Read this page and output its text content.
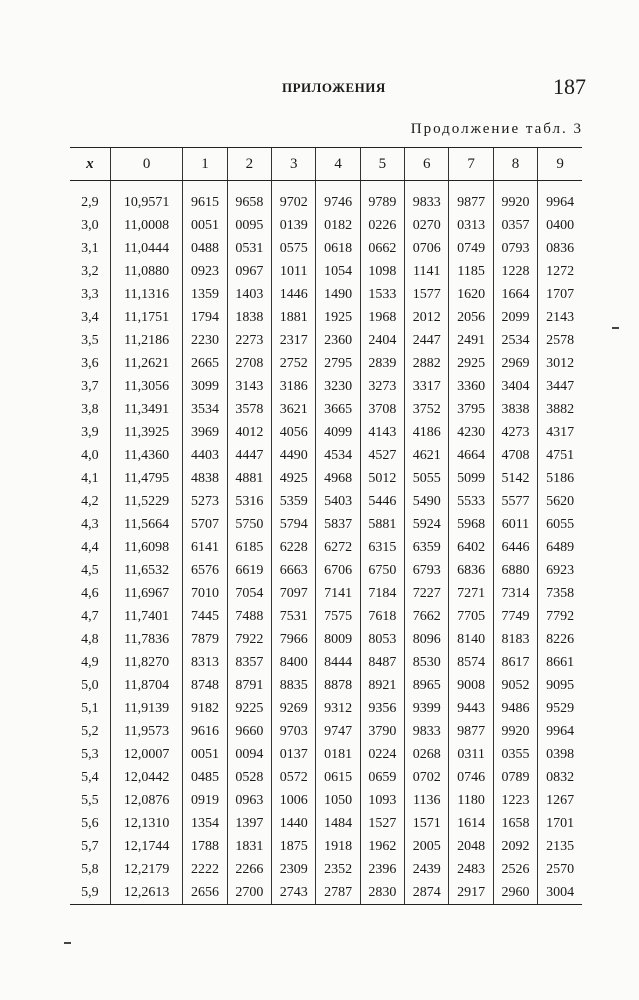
ПРИЛОЖЕНИЯ	187
Продолжение табл. 3
x	0	1	2	3	4	5	6	7	8	9
2,9	10,9571	9615	9658	9702	9746	9789	9833	9877	9920	9964
3,0	11,0008	0051	0095	0139	0182	0226	0270	0313	0357	0400
3,1	11,0444	0488	0531	0575	0618	0662	0706	0749	0793	0836
3,2	11,0880	0923	0967	1011	1054	1098	1141	1185	1228	1272
3,3	11,1316	1359	1403	1446	1490	1533	1577	1620	1664	1707
3,4	11,1751	1794	1838	1881	1925	1968	2012	2056	2099	2143
3,5	11,2186	2230	2273	2317	2360	2404	2447	2491	2534	2578
3,6	11,2621	2665	2708	2752	2795	2839	2882	2925	2969	3012
3,7	11,3056	3099	3143	3186	3230	3273	3317	3360	3404	3447
3,8	11,3491	3534	3578	3621	3665	3708	3752	3795	3838	3882
3,9	11,3925	3969	4012	4056	4099	4143	4186	4230	4273	4317
4,0	11,4360	4403	4447	4490	4534	4527	4621	4664	4708	4751
4,1	11,4795	4838	4881	4925	4968	5012	5055	5099	5142	5186
4,2	11,5229	5273	5316	5359	5403	5446	5490	5533	5577	5620
4,3	11,5664	5707	5750	5794	5837	5881	5924	5968	6011	6055
4,4	11,6098	6141	6185	6228	6272	6315	6359	6402	6446	6489
4,5	11,6532	6576	6619	6663	6706	6750	6793	6836	6880	6923
4,6	11,6967	7010	7054	7097	7141	7184	7227	7271	7314	7358
4,7	11,7401	7445	7488	7531	7575	7618	7662	7705	7749	7792
4,8	11,7836	7879	7922	7966	8009	8053	8096	8140	8183	8226
4,9	11,8270	8313	8357	8400	8444	8487	8530	8574	8617	8661
5,0	11,8704	8748	8791	8835	8878	8921	8965	9008	9052	9095
5,1	11,9139	9182	9225	9269	9312	9356	9399	9443	9486	9529
5,2	11,9573	9616	9660	9703	9747	3790	9833	9877	9920	9964
5,3	12,0007	0051	0094	0137	0181	0224	0268	0311	0355	0398
5,4	12,0442	0485	0528	0572	0615	0659	0702	0746	0789	0832
5,5	12,0876	0919	0963	1006	1050	1093	1136	1180	1223	1267
5,6	12,1310	1354	1397	1440	1484	1527	1571	1614	1658	1701
5,7	12,1744	1788	1831	1875	1918	1962	2005	2048	2092	2135
5,8	12,2179	2222	2266	2309	2352	2396	2439	2483	2526	2570
5,9	12,2613	2656	2700	2743	2787	2830	2874	2917	2960	3004
